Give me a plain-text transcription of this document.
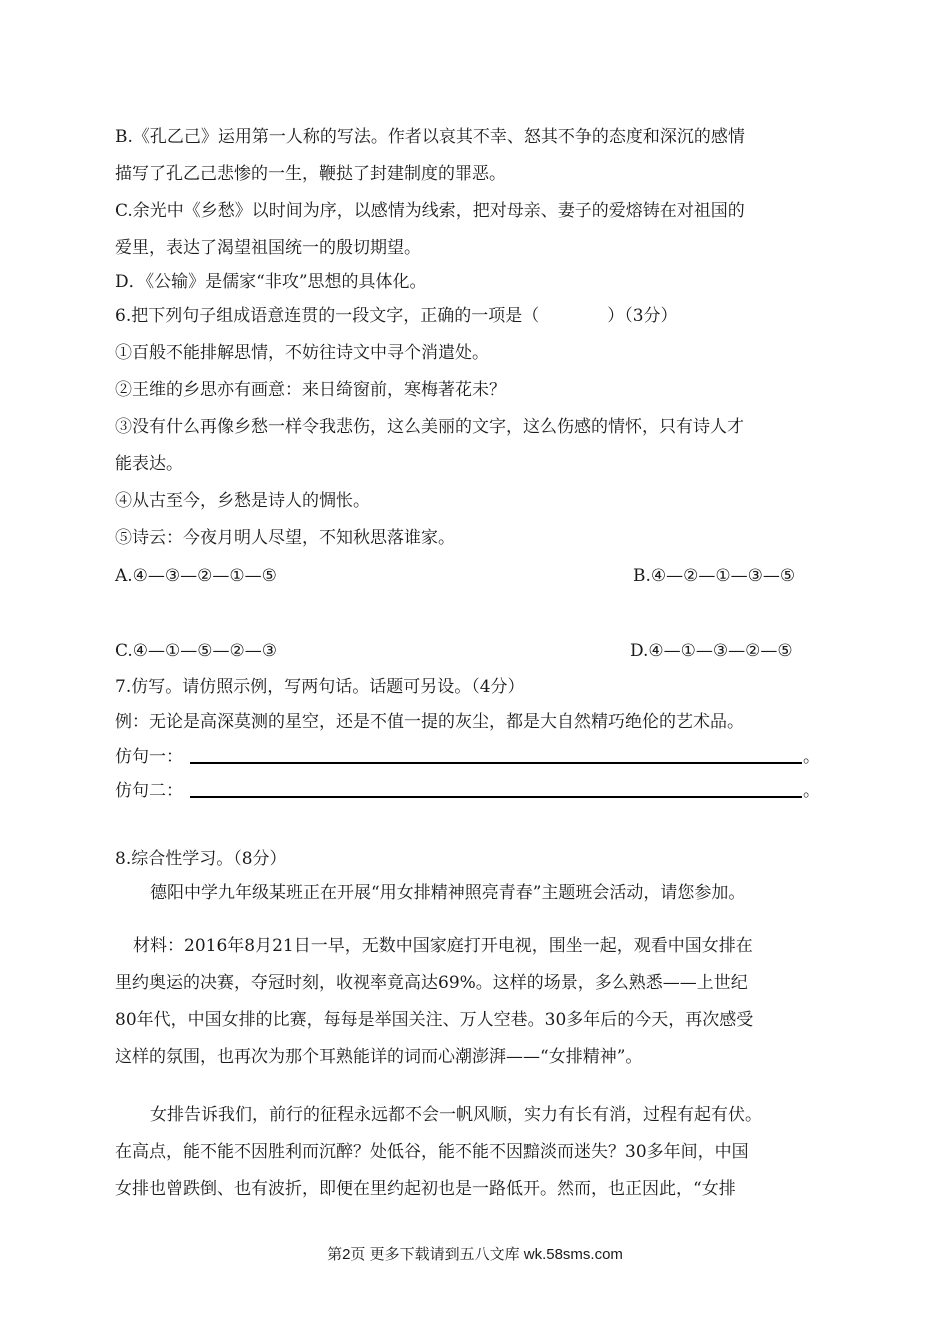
B.《孔乙己》运用第一人称的写法。作者以哀其不幸、怒其不争的态度和深沉的感情
描写了孔乙己悲惨的一生，鞭挞了封建制度的罪恶。
C.余光中《乡愁》以时间为序，以感情为线索，把对母亲、妻子的爱熔铸在对祖国的
爱里，表达了渴望祖国统一的殷切期望。
D．《公输》是儒家“非攻”思想的具体化。
6.把下列句子组成语意连贯的一段文字，正确的一项是（　　　　）（3分）
①百般不能排解思情，不妨往诗文中寻个消遣处。
②王维的乡思亦有画意：来日绮窗前，寒梅著花未？
③没有什么再像乡愁一样令我悲伤，这么美丽的文字，这么伤感的情怀，只有诗人才
能表达。
④从古至今，乡愁是诗人的惆怅。
⑤诗云：今夜月明人尽望，不知秋思落谁家。
A.④—③—②—①—⑤	B.④—②—①—③—⑤
C.④—①—⑤—②—③	D.④—①—③—②—⑤
7.仿写。请仿照示例，写两句话。话题可另设。（4分）
例：无论是高深莫测的星空，还是不值一提的灰尘，都是大自然精巧绝伦的艺术品。
仿句一：	。
仿句二：	。
8.综合性学习。（8分）
德阳中学九年级某班正在开展“用女排精神照亮青春”主题班会活动，请您参加。
材料：2016年8月21日一早，无数中国家庭打开电视，围坐一起，观看中国女排在
里约奥运的决赛，夺冠时刻，收视率竟高达69%。这样的场景，多么熟悉——上世纪
80年代，中国女排的比赛，每每是举国关注、万人空巷。30多年后的今天，再次感受
这样的氛围，也再次为那个耳熟能详的词而心潮澎湃——“女排精神”。
女排告诉我们，前行的征程永远都不会一帆风顺，实力有长有消，过程有起有伏。
在高点，能不能不因胜利而沉醉？处低谷，能不能不因黯淡而迷失？30多年间，中国
女排也曾跌倒、也有波折，即便在里约起初也是一路低开。然而，也正因此，“女排
第2页 更多下载请到五八文库 wk.58sms.com
